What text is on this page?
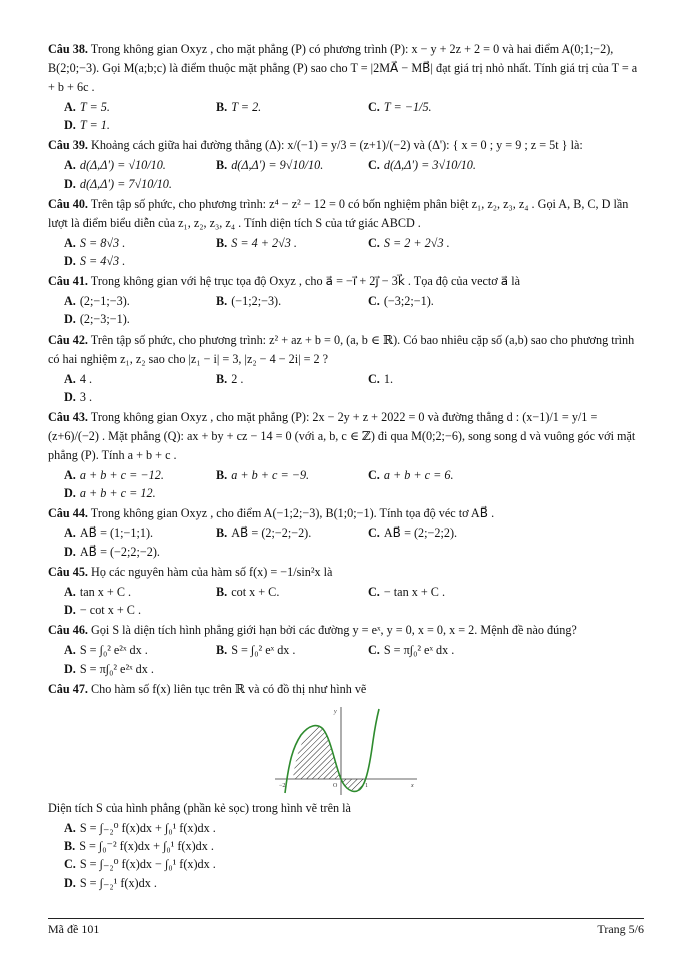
Câu 38. Trong không gian Oxyz , cho mặt phẳng (P) có phương trình (P): x − y + 2z + 2 = 0 và hai điểm A(0;1;−2), B(2;0;−3). Gọi M(a;b;c) là điểm thuộc mặt phẳng (P) sao cho T = |2MA⃗ − MB⃗| đạt giá trị nhỏ nhất. Tính giá trị của T = a + b + 6c .

A. T = 5.	B. T = 2.	C. T = −1/5.
D. T = 1.

Câu 39. Khoảng cách giữa hai đường thẳng (Δ): x/(−1) = y/3 = (z+1)/(−2) và (Δ'): { x = 0 ; y = 9 ; z = 5t } là:

A. d(Δ,Δ') = √10/10.	B. d(Δ,Δ') = 9√10/10.	C. d(Δ,Δ') = 3√10/10.
D. d(Δ,Δ') = 7√10/10.

Câu 40. Trên tập số phức, cho phương trình: z⁴ − z² − 12 = 0 có bốn nghiệm phân biệt z₁, z₂, z₃, z₄ . Gọi A, B, C, D lần lượt là điểm biểu diễn của z₁, z₂, z₃, z₄ . Tính diện tích S của tứ giác ABCD .

A. S = 8√3 .	B. S = 4 + 2√3 .	C. S = 2 + 2√3 .
D. S = 4√3 .

Câu 41. Trong không gian với hệ trục tọa độ Oxyz , cho a⃗ = −i⃗ + 2j⃗ − 3k⃗ . Tọa độ của vectơ a⃗ là

A. (2;−1;−3).	B. (−1;2;−3).	C. (−3;2;−1).
D. (2;−3;−1).

Câu 42. Trên tập số phức, cho phương trình: z² + az + b = 0, (a, b ∈ ℝ). Có bao nhiêu cặp số (a,b) sao cho phương trình có hai nghiệm z₁, z₂ sao cho |z₁ − i| = 3, |z₂ − 4 − 2i| = 2 ?

A. 4 .	B. 2 .	C. 1.
D. 3 .

Câu 43. Trong không gian Oxyz , cho mặt phẳng (P): 2x − 2y + z + 2022 = 0 và đường thẳng d : (x−1)/1 = y/1 = (z+6)/(−2) . Mặt phẳng (Q): ax + by + cz − 14 = 0 (với a, b, c ∈ ℤ) đi qua M(0;2;−6), song song d và vuông góc với mặt phẳng (P). Tính a + b + c .

A. a + b + c = −12.	B. a + b + c = −9.	C. a + b + c = 6.
D. a + b + c = 12.

Câu 44. Trong không gian Oxyz , cho điểm A(−1;2;−3), B(1;0;−1). Tính tọa độ véc tơ AB⃗ .

A. AB⃗ = (1;−1;1).	B. AB⃗ = (2;−2;−2).	C. AB⃗ = (2;−2;2).
D. AB⃗ = (−2;2;−2).

Câu 45. Họ các nguyên hàm của hàm số f(x) = −1/sin²x là

A. tan x + C .	B. cot x + C.	C. − tan x + C .
D. − cot x + C .

Câu 46. Gọi S là diện tích hình phẳng giới hạn bởi các đường y = eˣ, y = 0, x = 0, x = 2. Mệnh đề nào đúng?

A. S = ∫₀² e²ˣ dx .	B. S = ∫₀² eˣ dx .	C. S = π∫₀² eˣ dx .
D. S = π∫₀² e²ˣ dx .

Câu 47. Cho hàm số f(x) liên tục trên ℝ và có đồ thị như hình vẽ

y
x
−2	O	1

Diện tích S của hình phẳng (phần kẻ sọc) trong hình vẽ trên là

A. S = ∫₋₂⁰ f(x)dx + ∫₀¹ f(x)dx .
B. S = ∫₀⁻² f(x)dx + ∫₀¹ f(x)dx .
C. S = ∫₋₂⁰ f(x)dx − ∫₀¹ f(x)dx .
D. S = ∫₋₂¹ f(x)dx .
Mã đề 101	Trang 5/6
